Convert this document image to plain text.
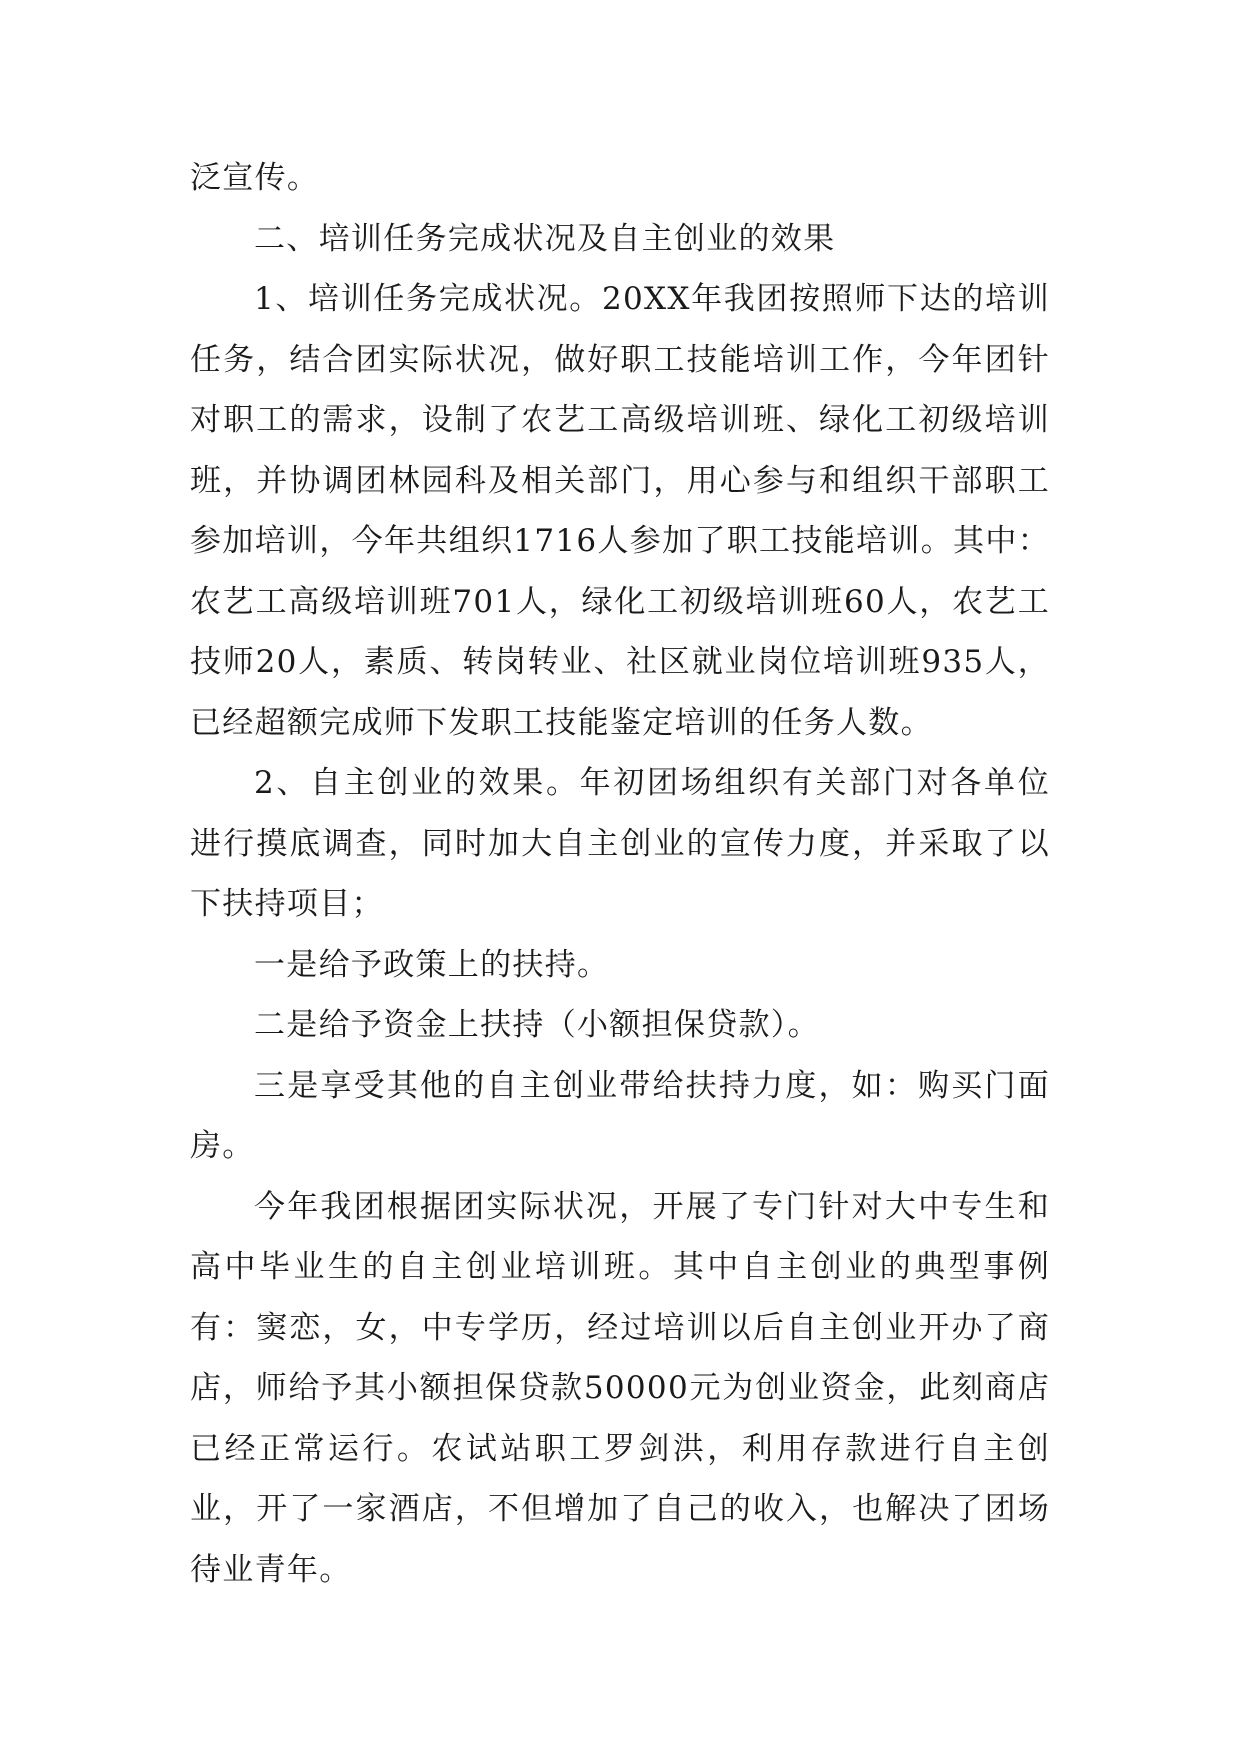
泛宣传。

二、培训任务完成状况及自主创业的效果

1、培训任务完成状况。20XX年我团按照师下达的培训任务，结合团实际状况，做好职工技能培训工作，今年团针对职工的需求，设制了农艺工高级培训班、绿化工初级培训班，并协调团林园科及相关部门，用心参与和组织干部职工参加培训，今年共组织1716人参加了职工技能培训。其中：农艺工高级培训班701人，绿化工初级培训班60人，农艺工技师20人，素质、转岗转业、社区就业岗位培训班935人，已经超额完成师下发职工技能鉴定培训的任务人数。

2、自主创业的效果。年初团场组织有关部门对各单位进行摸底调查，同时加大自主创业的宣传力度，并采取了以下扶持项目；

一是给予政策上的扶持。

二是给予资金上扶持（小额担保贷款）。

三是享受其他的自主创业带给扶持力度，如：购买门面房。

今年我团根据团实际状况，开展了专门针对大中专生和高中毕业生的自主创业培训班。其中自主创业的典型事例有：窦恋，女，中专学历，经过培训以后自主创业开办了商店，师给予其小额担保贷款50000元为创业资金，此刻商店已经正常运行。农试站职工罗剑洪，利用存款进行自主创业，开了一家酒店，不但增加了自己的收入，也解决了团场待业青年。
